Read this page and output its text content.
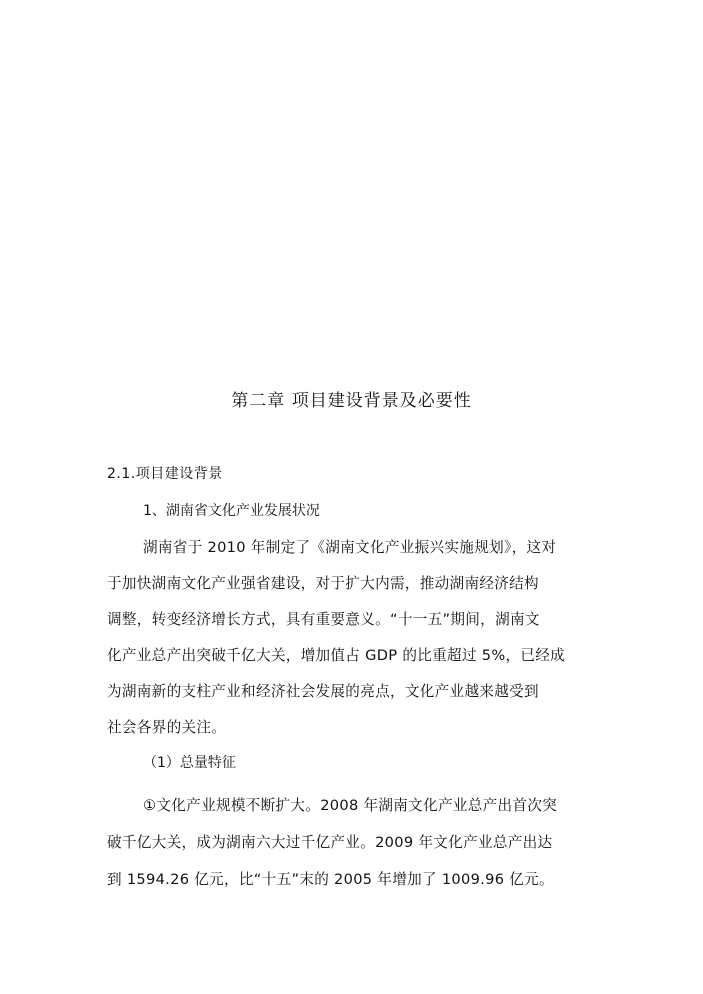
第二章 项目建设背景及必要性
2.1.项目建设背景
1、湖南省文化产业发展状况
湖南省于 2010 年制定了《湖南文化产业振兴实施规划》，这对
于加快湖南文化产业强省建设，对于扩大内需，推动湖南经济结构
调整，转变经济增长方式，具有重要意义。“十一五”期间，湖南文
化产业总产出突破千亿大关，增加值占 GDP 的比重超过 5%，已经成
为湖南新的支柱产业和经济社会发展的亮点，文化产业越来越受到
社会各界的关注。
（1）总量特征
①文化产业规模不断扩大。2008 年湖南文化产业总产出首次突
破千亿大关，成为湖南六大过千亿产业。2009 年文化产业总产出达
到 1594.26 亿元，比“十五”末的 2005 年增加了 1009.96 亿元。
